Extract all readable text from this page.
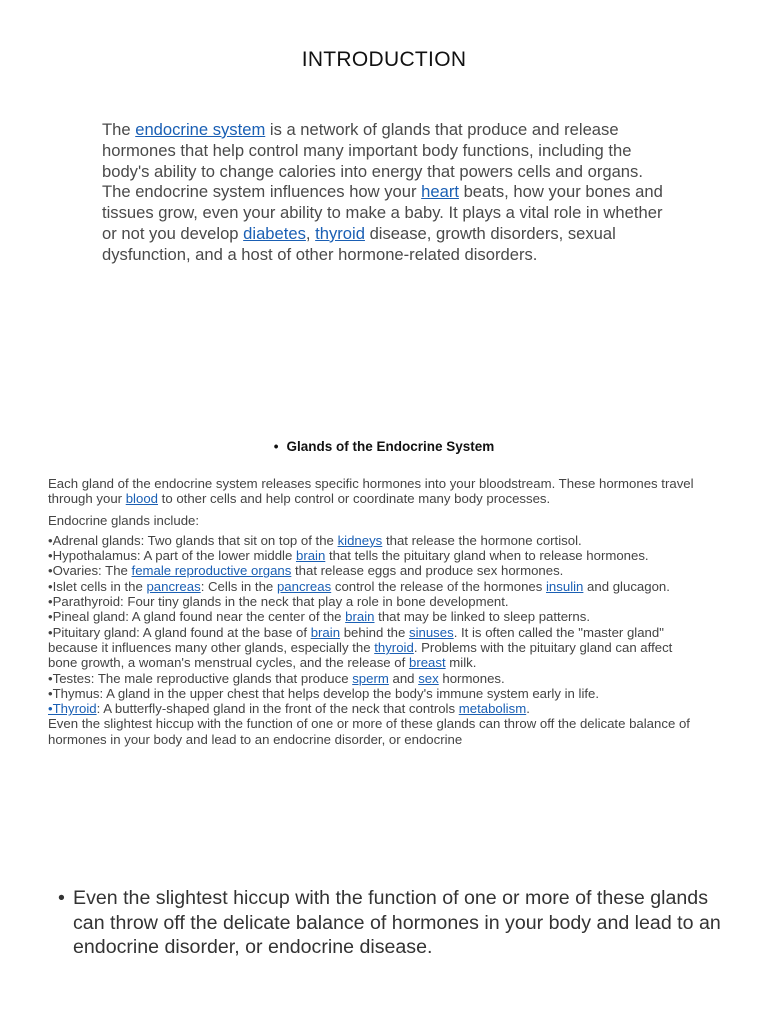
INTRODUCTION
The endocrine system is a network of glands that produce and release hormones that help control many important body functions, including the body's ability to change calories into energy that powers cells and organs. The endocrine system influences how your heart beats, how your bones and tissues grow, even your ability to make a baby. It plays a vital role in whether or not you develop diabetes, thyroid disease, growth disorders, sexual dysfunction, and a host of other hormone-related disorders.
• Glands of the Endocrine System

Each gland of the endocrine system releases specific hormones into your bloodstream. These hormones travel through your blood to other cells and help control or coordinate many body processes.

Endocrine glands include:

•Adrenal glands: Two glands that sit on top of the kidneys that release the hormone cortisol.

•Hypothalamus: A part of the lower middle brain that tells the pituitary gland when to release hormones.

•Ovaries: The female reproductive organs that release eggs and produce sex hormones.

•Islet cells in the pancreas: Cells in the pancreas control the release of the hormones insulin and glucagon.

•Parathyroid: Four tiny glands in the neck that play a role in bone development.

•Pineal gland: A gland found near the center of the brain that may be linked to sleep patterns.

•Pituitary gland: A gland found at the base of brain behind the sinuses. It is often called the "master gland" because it influences many other glands, especially the thyroid. Problems with the pituitary gland can affect bone growth, a woman's menstrual cycles, and the release of breast milk.

•Testes: The male reproductive glands that produce sperm and sex hormones.

•Thymus: A gland in the upper chest that helps develop the body's immune system early in life.

•Thyroid: A butterfly-shaped gland in the front of the neck that controls metabolism.

Even the slightest hiccup with the function of one or more of these glands can throw off the delicate balance of hormones in your body and lead to an endocrine disorder, or endocrine

• Even the slightest hiccup with the function of one or more of these glands can throw off the delicate balance of hormones in your body and lead to an endocrine disorder, or endocrine disease.
